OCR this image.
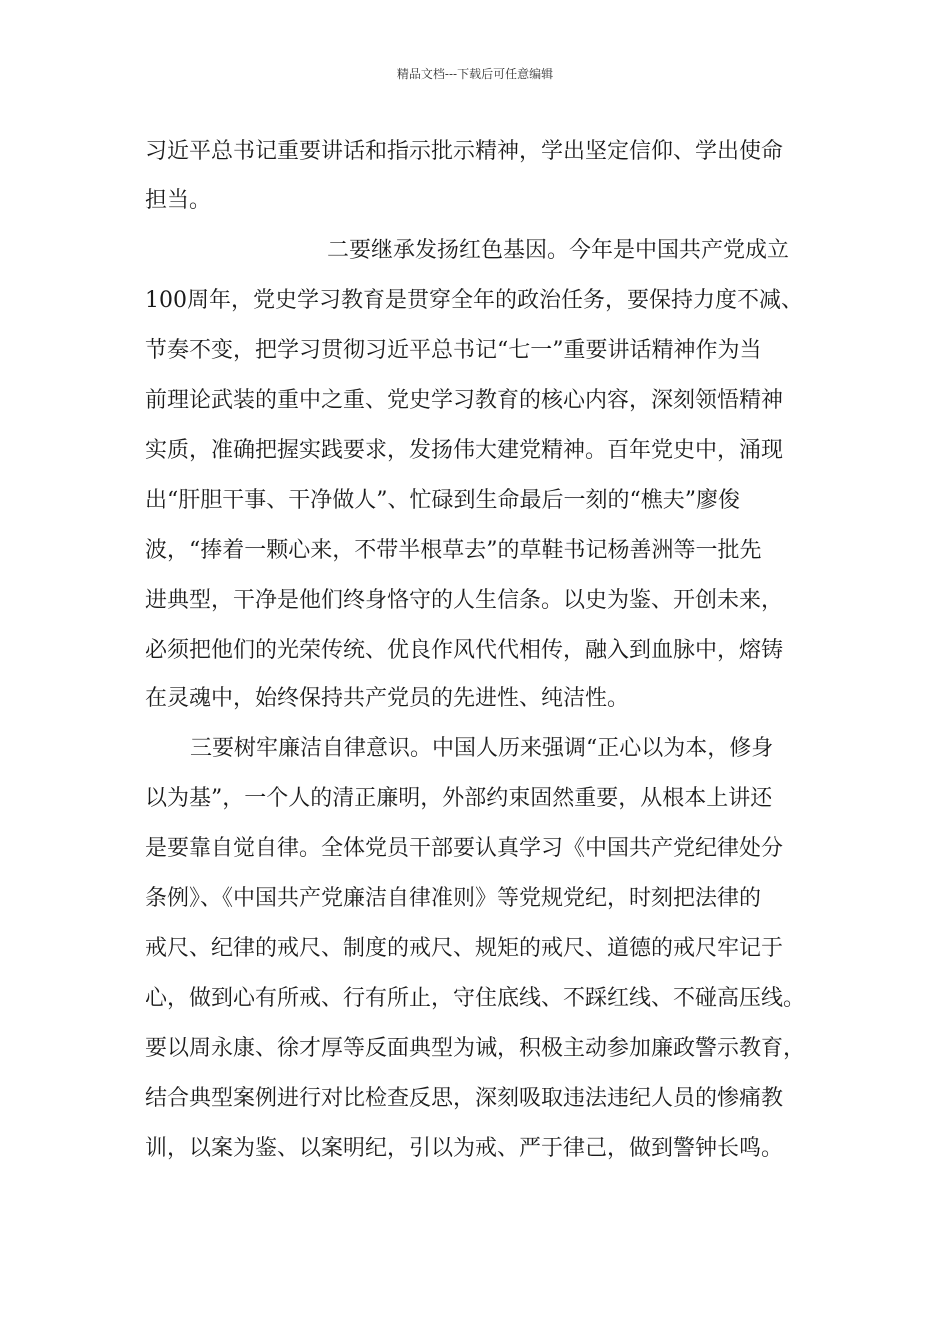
精品文档---下载后可任意编辑
习近平总书记重要讲话和指示批示精神，学出坚定信仰、学出使命
担当。
二要继承发扬红色基因。今年是中国共产党成立
100周年，党史学习教育是贯穿全年的政治任务，要保持力度不减、
节奏不变，把学习贯彻习近平总书记“七一”重要讲话精神作为当
前理论武装的重中之重、党史学习教育的核心内容，深刻领悟精神
实质，准确把握实践要求，发扬伟大建党精神。百年党史中，涌现
出“肝胆干事、干净做人”、忙碌到生命最后一刻的“樵夫”廖俊
波，“捧着一颗心来，不带半根草去”的草鞋书记杨善洲等一批先
进典型，干净是他们终身恪守的人生信条。以史为鉴、开创未来，
必须把他们的光荣传统、优良作风代代相传，融入到血脉中，熔铸
在灵魂中，始终保持共产党员的先进性、纯洁性。
三要树牢廉洁自律意识。中国人历来强调“正心以为本，修身
以为基”，一个人的清正廉明，外部约束固然重要，从根本上讲还
是要靠自觉自律。全体党员干部要认真学习《中国共产党纪律处分
条例》、《中国共产党廉洁自律准则》等党规党纪，时刻把法律的
戒尺、纪律的戒尺、制度的戒尺、规矩的戒尺、道德的戒尺牢记于
心，做到心有所戒、行有所止，守住底线、不踩红线、不碰高压线。
要以周永康、徐才厚等反面典型为诫，积极主动参加廉政警示教育，
结合典型案例进行对比检查反思，深刻吸取违法违纪人员的惨痛教
训，以案为鉴、以案明纪，引以为戒、严于律己，做到警钟长鸣。
